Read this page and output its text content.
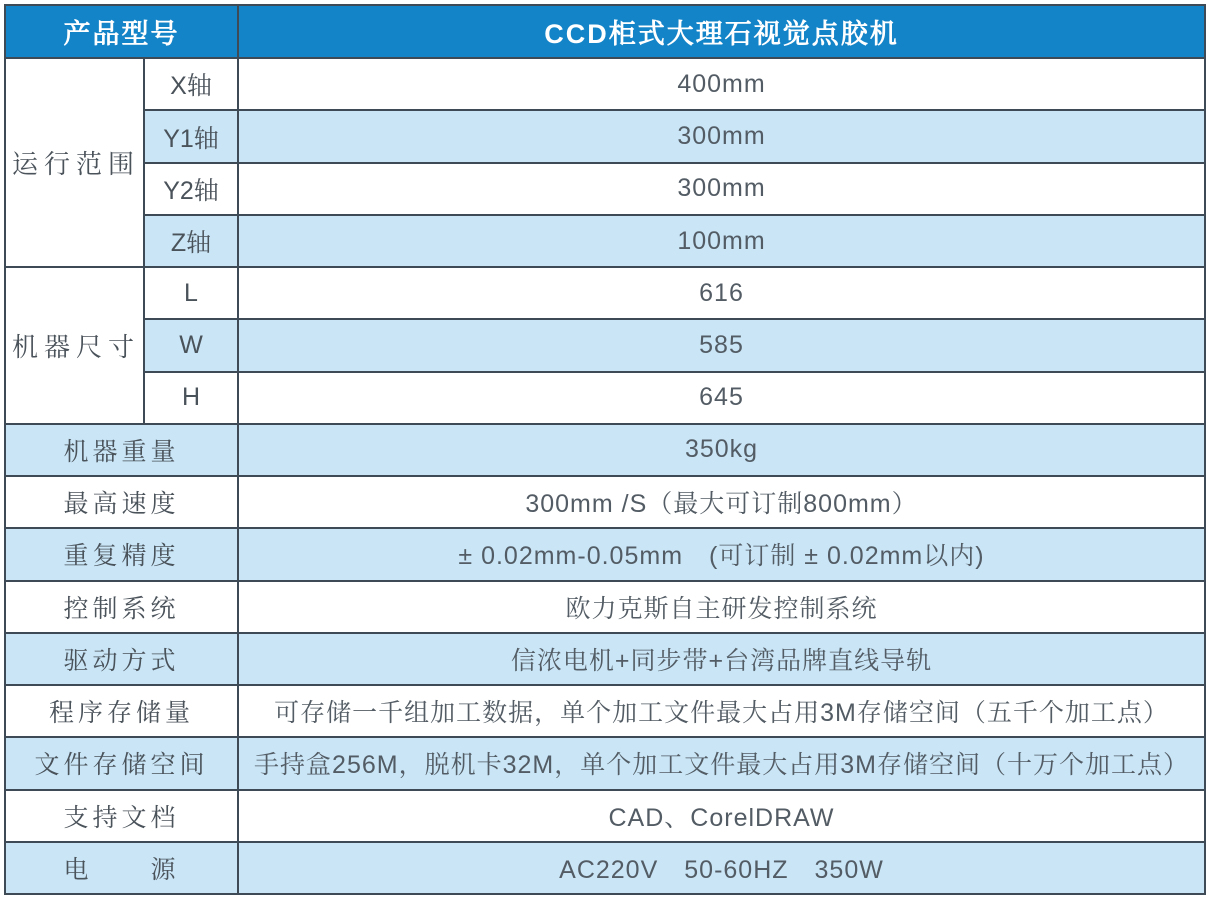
产品型号		CCD柜式大理石视觉点胶机
运行范围	X轴	400mm
	Y1轴	300mm
	Y2轴	300mm
	Z轴	100mm
机器尺寸	L	616
	W	585
	H	645
机器重量		350kg
最高速度		300mm /S（最大可订制800mm）
重复精度		± 0.02mm-0.05mm　(可订制 ± 0.02mm以内)
控制系统		欧力克斯自主研发控制系统
驱动方式		信浓电机+同步带+台湾品牌直线导轨
程序存储量		可存储一千组加工数据，单个加工文件最大占用3M存储空间（五千个加工点）
文件存储空间		手持盒256M，脱机卡32M，单个加工文件最大占用3M存储空间（十万个加工点）
支持文档		CAD、CorelDRAW
电　　源		AC220V　50-60HZ　350W
